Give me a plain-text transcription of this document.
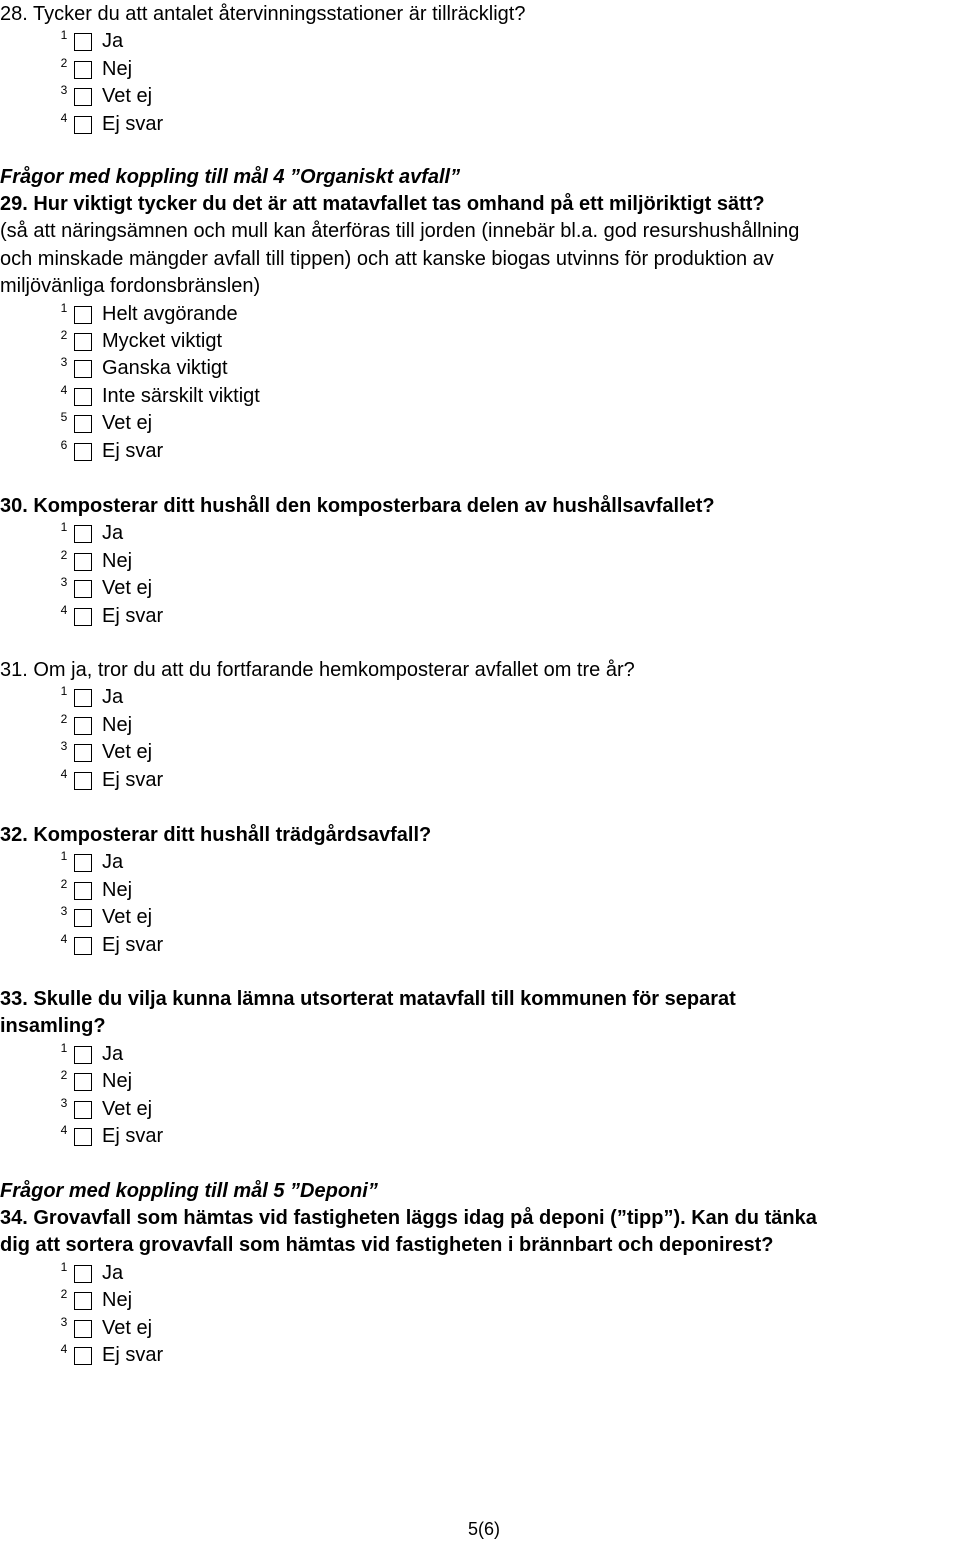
28. Tycker du att antalet återvinningsstationer är tillräckligt?
1 Ja
2 Nej
3 Vet ej
4 Ej svar
Frågor med koppling till mål 4 ”Organiskt avfall”
29. Hur viktigt tycker du det är att matavfallet tas omhand på ett miljöriktigt sätt?
(så att näringsämnen och mull kan återföras till jorden (innebär bl.a. god resurshushållning
och minskade mängder avfall till tippen) och att kanske biogas utvinns för produktion av
miljövänliga fordonsbränslen)
1 Helt avgörande
2 Mycket viktigt
3 Ganska viktigt
4 Inte särskilt viktigt
5 Vet ej
6 Ej svar
30. Komposterar ditt hushåll den komposterbara delen av hushållsavfallet?
1 Ja
2 Nej
3 Vet ej
4 Ej svar
31. Om ja, tror du att du fortfarande hemkomposterar avfallet om tre år?
1 Ja
2 Nej
3 Vet ej
4 Ej svar
32. Komposterar ditt hushåll trädgårdsavfall?
1 Ja
2 Nej
3 Vet ej
4 Ej svar
33. Skulle du vilja kunna lämna utsorterat matavfall till kommunen för separat
insamling?
1 Ja
2 Nej
3 Vet ej
4 Ej svar
Frågor med koppling till mål 5 ”Deponi”
34. Grovavfall som hämtas vid fastigheten läggs idag på deponi (”tipp”). Kan du tänka
dig att sortera grovavfall som hämtas vid fastigheten i brännbart och deponirest?
1 Ja
2 Nej
3 Vet ej
4 Ej svar
5(6)
